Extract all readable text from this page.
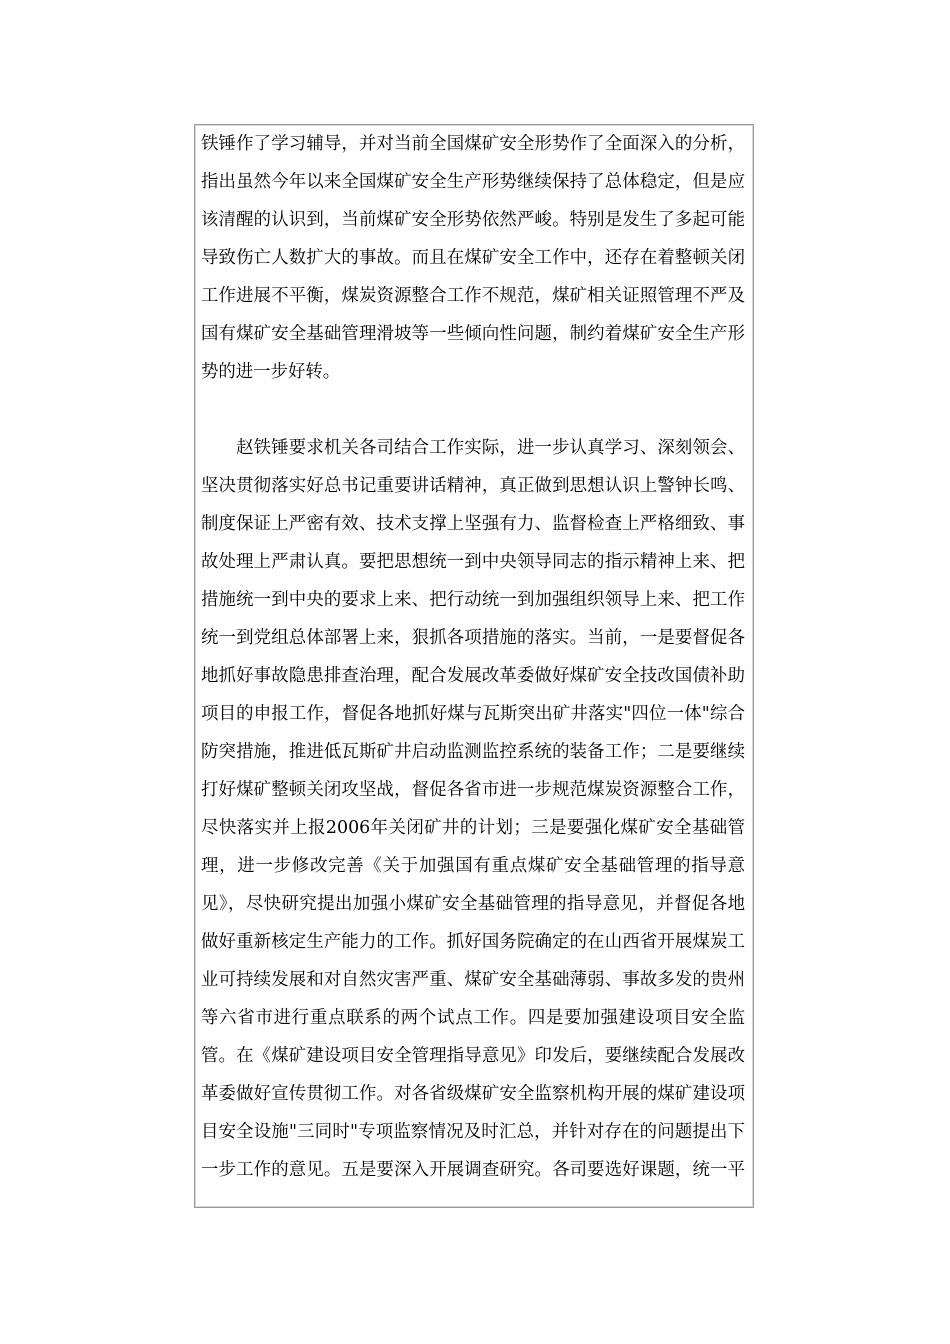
铁锤作了学习辅导，并对当前全国煤矿安全形势作了全面深入的分析，
指出虽然今年以来全国煤矿安全生产形势继续保持了总体稳定，但是应
该清醒的认识到，当前煤矿安全形势依然严峻。特别是发生了多起可能
导致伤亡人数扩大的事故。而且在煤矿安全工作中，还存在着整顿关闭
工作进展不平衡，煤炭资源整合工作不规范，煤矿相关证照管理不严及
国有煤矿安全基础管理滑坡等一些倾向性问题，制约着煤矿安全生产形
势的进一步好转。
　　赵铁锤要求机关各司结合工作实际，进一步认真学习、深刻领会、
坚决贯彻落实好总书记重要讲话精神，真正做到思想认识上警钟长鸣、
制度保证上严密有效、技术支撑上坚强有力、监督检查上严格细致、事
故处理上严肃认真。要把思想统一到中央领导同志的指示精神上来、把
措施统一到中央的要求上来、把行动统一到加强组织领导上来、把工作
统一到党组总体部署上来，狠抓各项措施的落实。当前，一是要督促各
地抓好事故隐患排查治理，配合发展改革委做好煤矿安全技改国债补助
项目的申报工作，督促各地抓好煤与瓦斯突出矿井落实"四位一体"综合
防突措施，推进低瓦斯矿井启动监测监控系统的装备工作；二是要继续
打好煤矿整顿关闭攻坚战，督促各省市进一步规范煤炭资源整合工作，
尽快落实并上报2006年关闭矿井的计划；三是要强化煤矿安全基础管
理，进一步修改完善《关于加强国有重点煤矿安全基础管理的指导意
见》，尽快研究提出加强小煤矿安全基础管理的指导意见，并督促各地
做好重新核定生产能力的工作。抓好国务院确定的在山西省开展煤炭工
业可持续发展和对自然灾害严重、煤矿安全基础薄弱、事故多发的贵州
等六省市进行重点联系的两个试点工作。四是要加强建设项目安全监
管。在《煤矿建设项目安全管理指导意见》印发后，要继续配合发展改
革委做好宣传贯彻工作。对各省级煤矿安全监察机构开展的煤矿建设项
目安全设施"三同时"专项监察情况及时汇总，并针对存在的问题提出下
一步工作的意见。五是要深入开展调查研究。各司要选好课题，统一平
